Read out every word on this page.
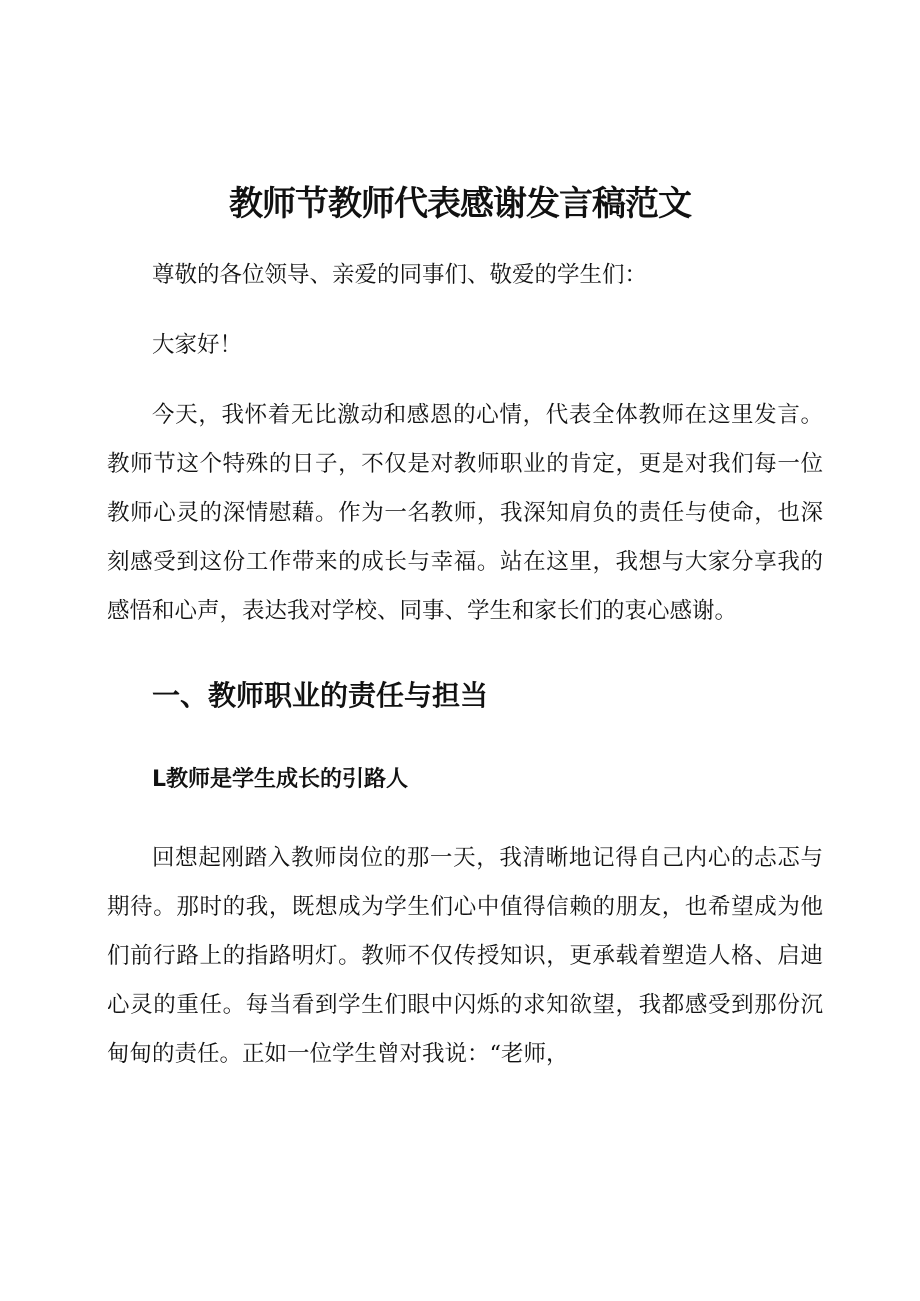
教师节教师代表感谢发言稿范文
尊敬的各位领导、亲爱的同事们、敬爱的学生们：
大家好！

今天，我怀着无比激动和感恩的心情，代表全体教师在这里发言。教师节这个特殊的日子，不仅是对教师职业的肯定，更是对我们每一位教师心灵的深情慰藉。作为一名教师，我深知肩负的责任与使命，也深刻感受到这份工作带来的成长与幸福。站在这里，我想与大家分享我的感悟和心声，表达我对学校、同事、学生和家长们的衷心感谢。

一、教师职业的责任与担当
L教师是学生成长的引路人

回想起刚踏入教师岗位的那一天，我清晰地记得自己内心的忐忑与期待。那时的我，既想成为学生们心中值得信赖的朋友，也希望成为他们前行路上的指路明灯。教师不仅传授知识，更承载着塑造人格、启迪心灵的重任。每当看到学生们眼中闪烁的求知欲望，我都感受到那份沉甸甸的责任。正如一位学生曾对我说：“老师，
